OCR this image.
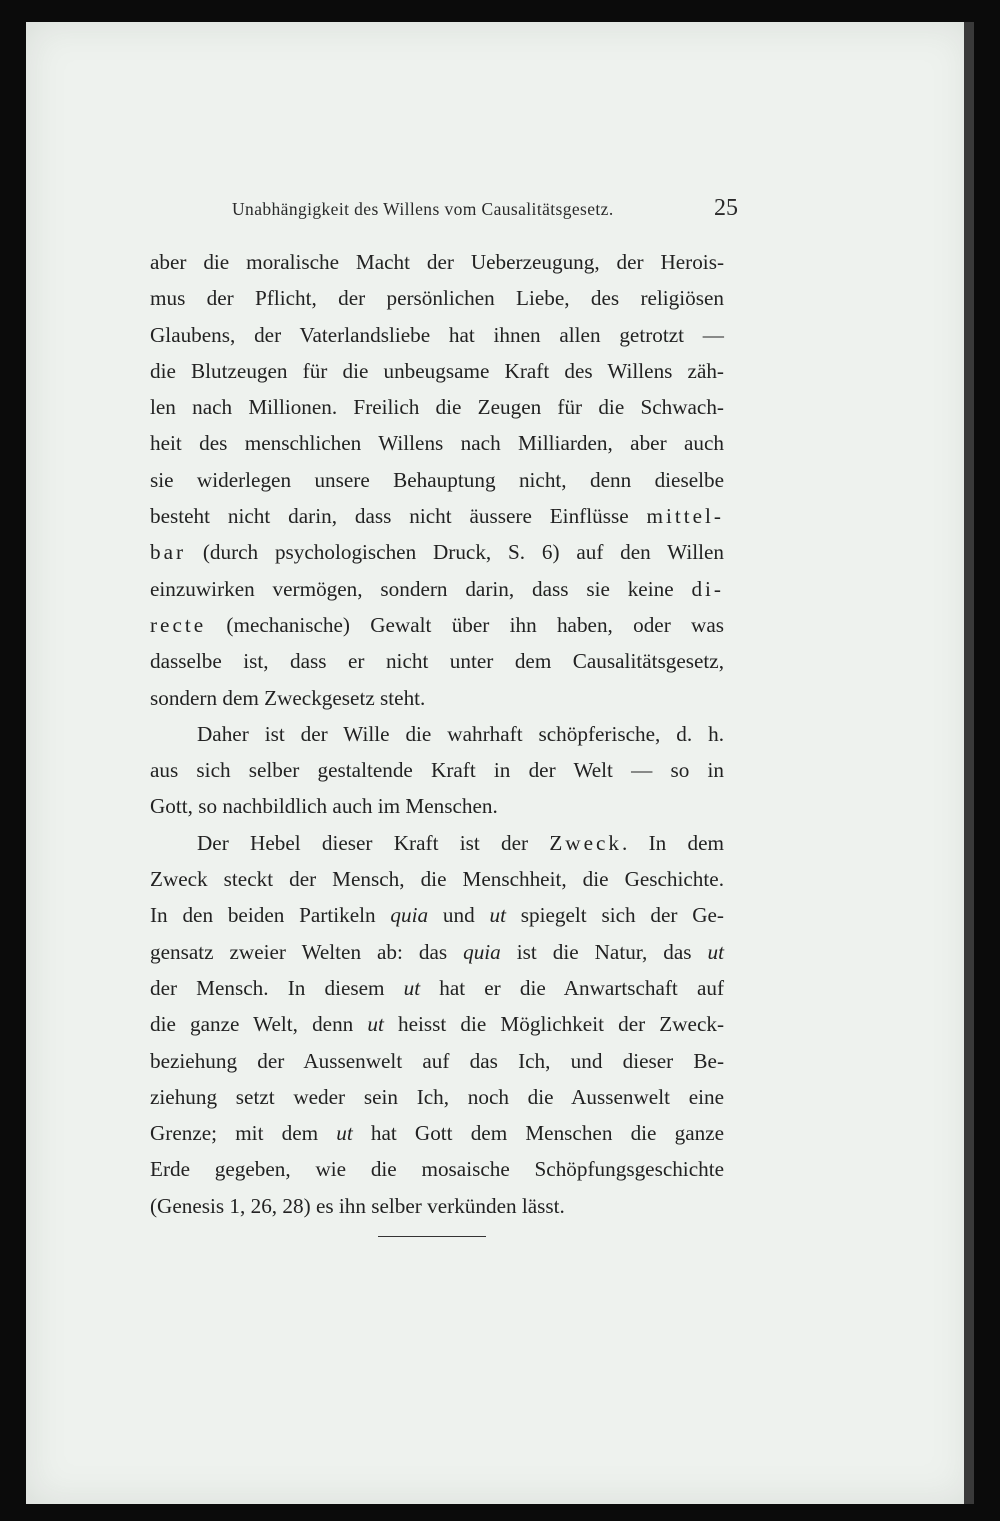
Unabhängigkeit des Willens vom Causalitätsgesetz.	25
aber die moralische Macht der Ueberzeugung, der Herois-
mus der Pflicht, der persönlichen Liebe, des religiösen
Glaubens, der Vaterlandsliebe hat ihnen allen getrotzt —
die Blutzeugen für die unbeugsame Kraft des Willens zäh-
len nach Millionen. Freilich die Zeugen für die Schwach-
heit des menschlichen Willens nach Milliarden, aber auch
sie widerlegen unsere Behauptung nicht, denn dieselbe
besteht nicht darin, dass nicht äussere Einflüsse mittel-
bar (durch psychologischen Druck, S. 6) auf den Willen
einzuwirken vermögen, sondern darin, dass sie keine di-
recte (mechanische) Gewalt über ihn haben, oder was
dasselbe ist, dass er nicht unter dem Causalitätsgesetz,
sondern dem Zweckgesetz steht.
Daher ist der Wille die wahrhaft schöpferische, d. h.
aus sich selber gestaltende Kraft in der Welt — so in
Gott, so nachbildlich auch im Menschen.
Der Hebel dieser Kraft ist der Zweck. In dem
Zweck steckt der Mensch, die Menschheit, die Geschichte.
In den beiden Partikeln quia und ut spiegelt sich der Ge-
gensatz zweier Welten ab: das quia ist die Natur, das ut
der Mensch. In diesem ut hat er die Anwartschaft auf
die ganze Welt, denn ut heisst die Möglichkeit der Zweck-
beziehung der Aussenwelt auf das Ich, und dieser Be-
ziehung setzt weder sein Ich, noch die Aussenwelt eine
Grenze; mit dem ut hat Gott dem Menschen die ganze
Erde gegeben, wie die mosaische Schöpfungsgeschichte
(Genesis 1, 26, 28) es ihn selber verkünden lässt.
